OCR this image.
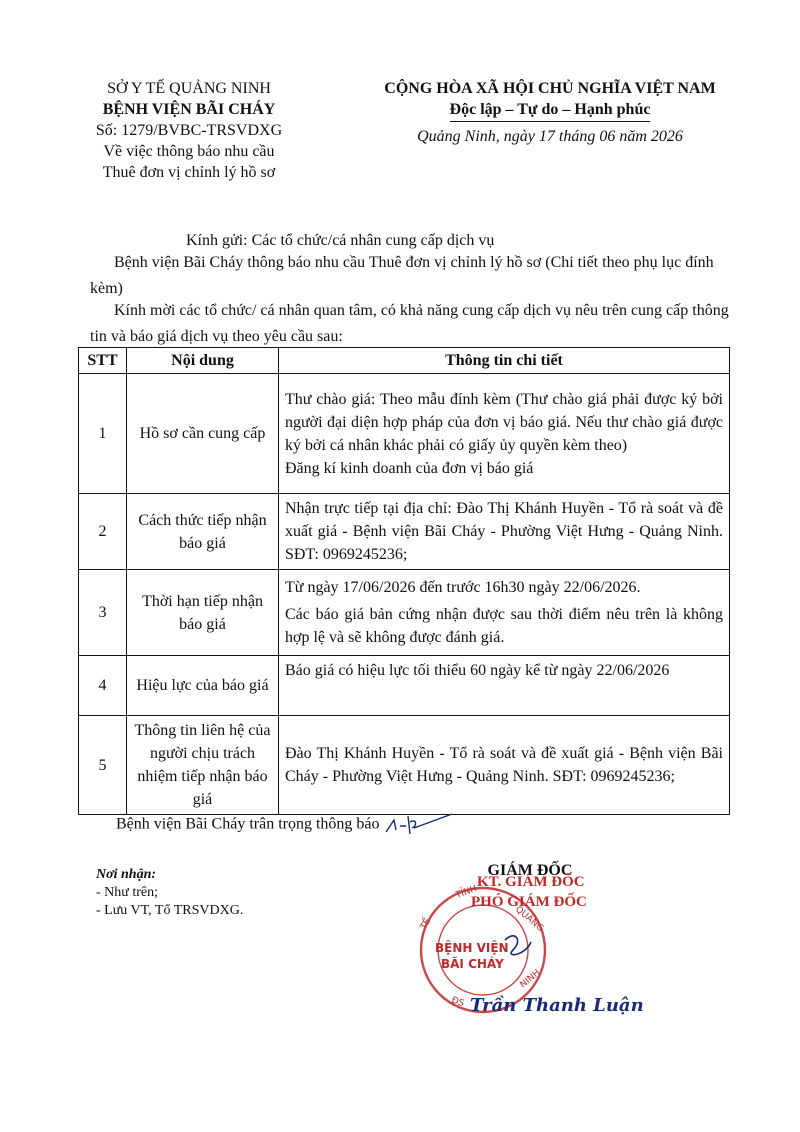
SỞ Y TẾ QUẢNG NINH
BỆNH VIỆN BÃI CHÁY
Số: 1279/BVBC-TRSVDXG
Về việc thông báo nhu cầu
Thuê đơn vị chỉnh lý hồ sơ
CỘNG HÒA XÃ HỘI CHỦ NGHĨA VIỆT NAM
Độc lập – Tự do – Hạnh phúc
Quảng Ninh, ngày 17 tháng 06 năm 2026
Kính gửi: Các tổ chức/cá nhân cung cấp dịch vụ
Bệnh viện Bãi Cháy thông báo nhu cầu Thuê đơn vị chỉnh lý hồ sơ (Chi tiết theo phụ lục đính kèm)
Kính mời các tổ chức/ cá nhân quan tâm, có khả năng cung cấp dịch vụ nêu trên cung cấp thông tin và báo giá dịch vụ theo yêu cầu sau:
STT	Nội dung	Thông tin chi tiết
1	Hồ sơ cần cung cấp	Thư chào giá: Theo mẫu đính kèm (Thư chào giá phải được ký bởi người đại diện hợp pháp của đơn vị báo giá. Nếu thư chào giá được ký bởi cá nhân khác phải có giấy ủy quyền kèm theo)
Đăng kí kinh doanh của đơn vị báo giá

2	Cách thức tiếp nhận báo giá	Nhận trực tiếp tại địa chỉ: Đào Thị Khánh Huyền - Tổ rà soát và đề xuất giá - Bệnh viện Bãi Cháy - Phường Việt Hưng - Quảng Ninh. SĐT: 0969245236;

3	Thời hạn tiếp nhận báo giá	Từ ngày 17/06/2026 đến trước 16h30 ngày 22/06/2026.
Các báo giá bản cứng nhận được sau thời điểm nêu trên là không hợp lệ và sẽ không được đánh giá.

4	Hiệu lực của báo giá	Báo giá có hiệu lực tối thiểu 60 ngày kể từ ngày 22/06/2026

5	Thông tin liên hệ của người chịu trách nhiệm tiếp nhận báo giá	Đào Thị Khánh Huyền - Tổ rà soát và đề xuất giá - Bệnh viện Bãi Cháy - Phường Việt Hưng - Quảng Ninh. SĐT: 0969245236;
Bệnh viện Bãi Cháy trân trọng thông báo
Nơi nhận:
- Như trên;
- Lưu VT, Tổ TRSVDXG.
GIÁM ĐỐC
TẾ
TỈNH
QUẢNG
NINH
ĐS
BỆNH VIỆN
BÃI CHÁY
KT. GIÁM ĐỐC
PHÓ GIÁM ĐỐC
Trần Thanh Luận
